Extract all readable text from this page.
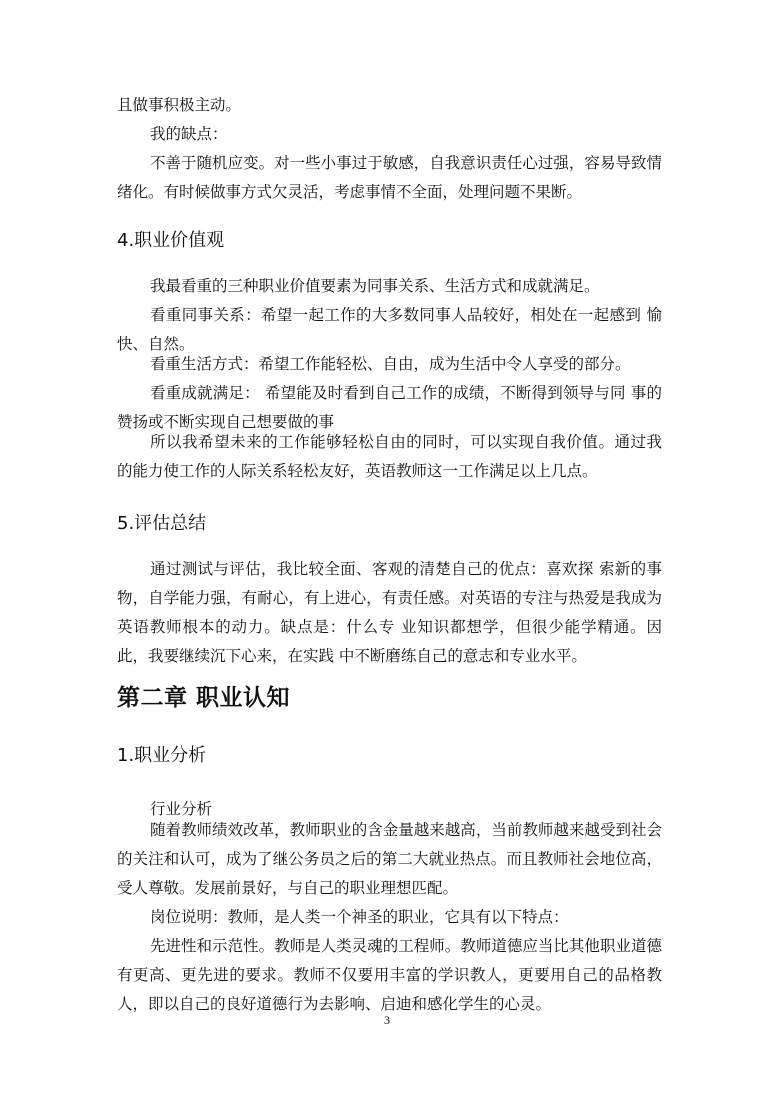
且做事积极主动。
我的缺点：
不善于随机应变。对一些小事过于敏感，自我意识责任心过强，容易导致情绪化。有时候做事方式欠灵活，考虑事情不全面，处理问题不果断。
4.职业价值观
我最看重的三种职业价值要素为同事关系、生活方式和成就满足。
看重同事关系：希望一起工作的大多数同事人品较好，相处在一起感到 愉快、自然。
看重生活方式：希望工作能轻松、自由，成为生活中令人享受的部分。
看重成就满足： 希望能及时看到自己工作的成绩，不断得到领导与同 事的赞扬或不断实现自己想要做的事
所以我希望未来的工作能够轻松自由的同时，可以实现自我价值。通过我 的能力使工作的人际关系轻松友好，英语教师这一工作满足以上几点。
5.评估总结
通过测试与评估，我比较全面、客观的清楚自己的优点：喜欢探 索新的事物，自学能力强，有耐心，有上进心，有责任感。对英语的专注与热爱是我成为英语教师根本的动力。缺点是：什么专 业知识都想学，但很少能学精通。因此，我要继续沉下心来，在实践 中不断磨练自己的意志和专业水平。
第二章 职业认知
1.职业分析
行业分析
随着教师绩效改革，教师职业的含金量越来越高，当前教师越来越受到社会的关注和认可，成为了继公务员之后的第二大就业热点。而且教师社会地位高，受人尊敬。发展前景好，与自己的职业理想匹配。
岗位说明：教师，是人类一个神圣的职业，它具有以下特点：
先进性和示范性。教师是人类灵魂的工程师。教师道德应当比其他职业道德有更高、更先进的要求。教师不仅要用丰富的学识教人，更要用自己的品格教人，即以自己的良好道德行为去影响、启迪和感化学生的心灵。
3
